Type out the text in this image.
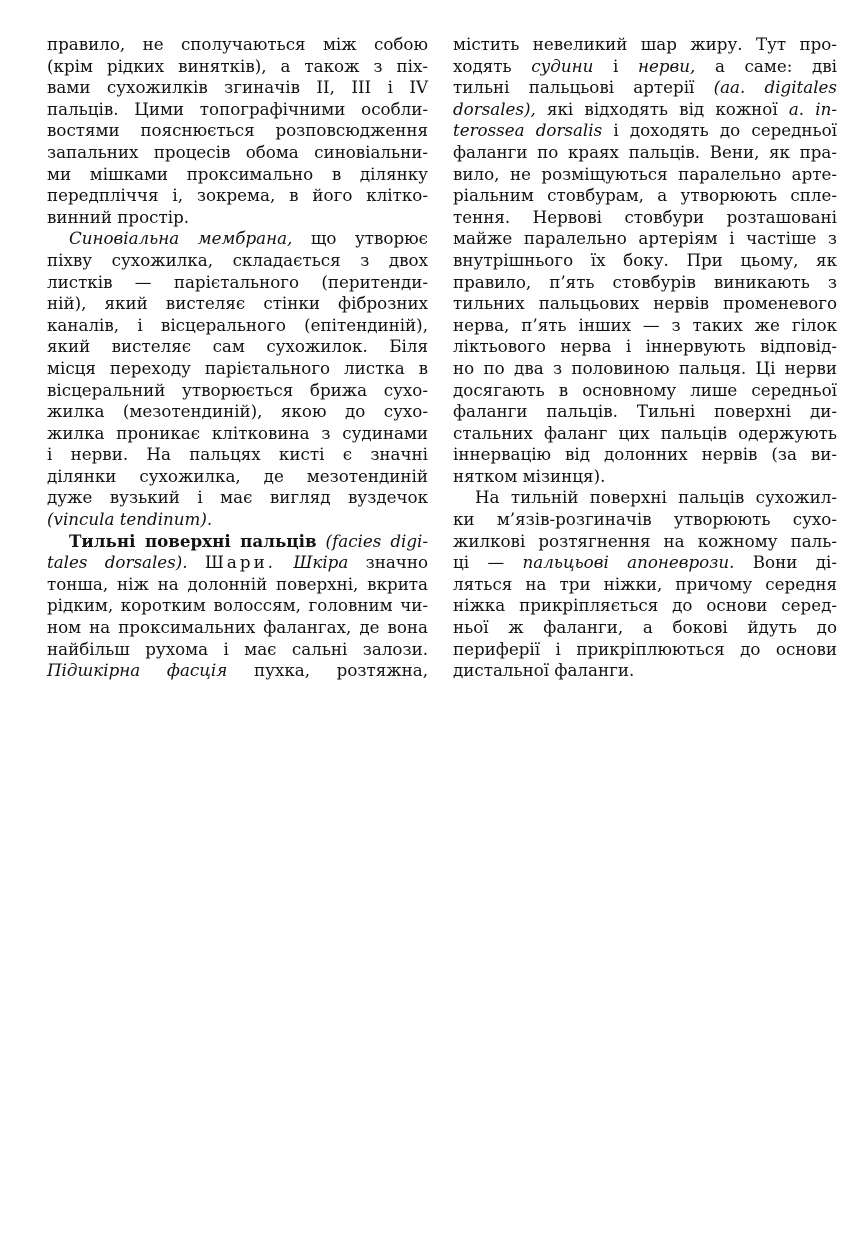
правило, не сполучаються між собою
(крім рідких винятків), а також з піх-
вами сухожилків згиначів II, III і IV
пальців. Цими топографічними особли-
востями пояснюється розповсюдження
запальних процесів обома синовіальни-
ми мішками проксимально в ділянку
передпліччя і, зокрема, в його клітко-
винний простір.
Синовіальна мембрана, що утворює
піхву сухожилка, складається з двох
листків — парієтального (перитенди-
ній), який вистеляє стінки фіброзних
каналів, і вісцерального (епітендиній),
який вистеляє сам сухожилок. Біля
місця переходу парієтального листка в
вісцеральний утворюється брижа сухо-
жилка (мезотендиній), якою до сухо-
жилка проникає клітковина з судинами
і нерви. На пальцях кисті є значні
ділянки сухожилка, де мезотендиній
дуже вузький і має вигляд вуздечок
(vincula tendinum).
Тильні поверхні пальців (facies digi-
tales dorsales). Шари. Шкіра значно
тонша, ніж на долонній поверхні, вкрита
рідким, коротким волоссям, головним чи-
ном на проксимальних фалангах, де вона
найбільш рухома і має сальні залози.
Підшкірна фасція пухка, розтяжна,
містить невеликий шар жиру. Тут про-
ходять судини і нерви, а саме: дві
тильні пальцьові артерії (aa. digitales
dorsales), які відходять від кожної a. in-
terossea dorsalis і доходять до середньої
фаланги по краях пальців. Вени, як пра-
вило, не розміщуються паралельно арте-
ріальним стовбурам, а утворюють спле-
тення. Нервові стовбури розташовані
майже паралельно артеріям і частіше з
внутрішнього їх боку. При цьому, як
правило, п’ять стовбурів виникають з
тильних пальцьових нервів променевого
нерва, п’ять інших — з таких же гілок
ліктьового нерва і іннервують відповід-
но по два з половиною пальця. Ці нерви
досягають в основному лише середньої
фаланги пальців. Тильні поверхні ди-
стальних фаланг цих пальців одержують
іннервацію від долонних нервів (за ви-
нятком мізинця).
На тильній поверхні пальців сухожил-
ки м’язів-розгиначів утворюють сухо-
жилкові розтягнення на кожному паль-
ці — пальцьові апоневрози. Вони ді-
ляться на три ніжки, причому середня
ніжка прикріпляється до основи серед-
ньої ж фаланги, а бокові йдуть до
периферії і прикріплюються до основи
дистальної фаланги.
